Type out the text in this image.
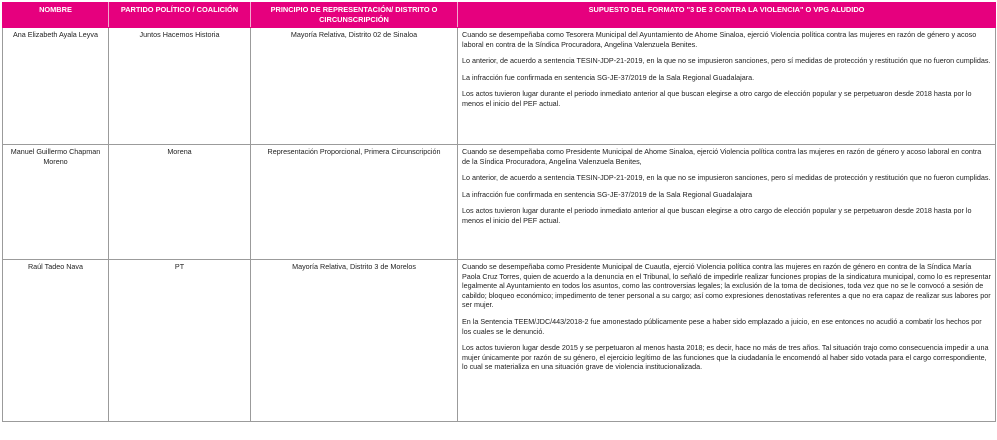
NOMBRE	PARTIDO POLÍTICO / COALICIÓN	PRINCIPIO DE REPRESENTACIÓN/ DISTRITO O CIRCUNSCRIPCIÓN	SUPUESTO DEL FORMATO "3 DE 3 CONTRA LA VIOLENCIA" O VPG ALUDIDO
Ana Elizabeth Ayala Leyva	Juntos Hacemos Historia	Mayoría Relativa, Distrito 02 de Sinaloa	Cuando se desempeñaba como Tesorera Municipal del Ayuntamiento de Ahome Sinaloa, ejerció Violencia política contra las mujeres en razón de género y acoso laboral en contra de la Síndica Procuradora, Angelina Valenzuela Benites.

Lo anterior, de acuerdo a sentencia TESIN-JDP-21-2019, en la que no se impusieron sanciones, pero sí medidas de protección y restitución que no fueron cumplidas.

La infracción fue confirmada en sentencia SG-JE-37/2019 de la Sala Regional Guadalajara.

Los actos tuvieron lugar durante el periodo inmediato anterior al que buscan elegirse a otro cargo de elección popular y se perpetuaron desde 2018 hasta por lo menos el inicio del PEF actual.

Manuel Guillermo Chapman Moreno	Morena	Representación Proporcional, Primera Circunscripción	Cuando se desempeñaba como Presidente Municipal de Ahome Sinaloa, ejerció Violencia política contra las mujeres en razón de género y acoso laboral en contra de la Síndica Procuradora, Angelina Valenzuela Benites,

Lo anterior, de acuerdo a sentencia TESIN-JDP-21-2019, en la que no se impusieron sanciones, pero sí medidas de protección y restitución que no fueron cumplidas.

La infracción fue confirmada en sentencia SG-JE-37/2019 de la Sala Regional Guadalajara

Los actos tuvieron lugar durante el periodo inmediato anterior al que buscan elegirse a otro cargo de elección popular y se perpetuaron desde 2018 hasta por lo menos el inicio del PEF actual.

Raúl Tadeo Nava	PT	Mayoría Relativa, Distrito 3 de Morelos	Cuando se desempeñaba como Presidente Municipal de Cuautla, ejerció Violencia política contra las mujeres en razón de género en contra de la Síndica María Paola Cruz Torres, quien de acuerdo a la denuncia en el Tribunal, lo señaló de impedirle realizar funciones propias de la sindicatura municipal, como lo es representar legalmente al Ayuntamiento en todos los asuntos, como las controversias legales; la exclusión de la toma de decisiones, toda vez que no se le convocó a sesión de cabildo; bloqueo económico; impedimento de tener personal a su cargo; así como expresiones denostativas referentes a que no era capaz de realizar sus labores por ser mujer.

En la Sentencia TEEM/JDC/443/2018-2 fue amonestado públicamente pese a haber sido emplazado a juicio, en ese entonces no acudió a combatir los hechos por los cuales se le denunció.

Los actos tuvieron lugar desde 2015 y se perpetuaron al menos hasta 2018; es decir, hace no más de tres años. Tal situación trajo como consecuencia impedir a una mujer únicamente por razón de su género, el ejercicio legítimo de las funciones que la ciudadanía le encomendó al haber sido votada para el cargo correspondiente, lo cual se materializa en una situación grave de violencia institucionalizada.
